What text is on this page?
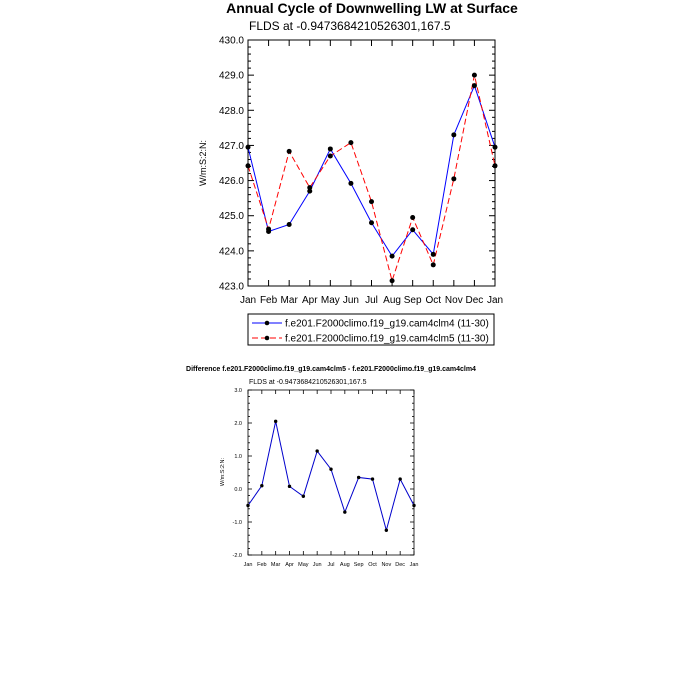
Annual Cycle of Downwelling LW at Surface
FLDS at -0.9473684210526301,167.5
423.0
424.0
425.0
426.0
427.0
428.0
429.0
430.0
Jan Feb Mar Apr May Jun Jul Aug Sep Oct Nov Dec Jan
W/m:S:2:N:
f.e201.F2000climo.f19_g19.cam4clm4 (11-30)
f.e201.F2000climo.f19_g19.cam4clm5 (11-30)
Difference f.e201.F2000climo.f19_g19.cam4clm5 - f.e201.F2000climo.f19_g19.cam4clm4
FLDS at -0.9473684210526301,167.5
-2.0
-1.0
0.0
1.0
2.0
3.0
Jan Feb Mar Apr May Jun Jul Aug Sep Oct Nov Dec Jan
W/m:S:2:N:
